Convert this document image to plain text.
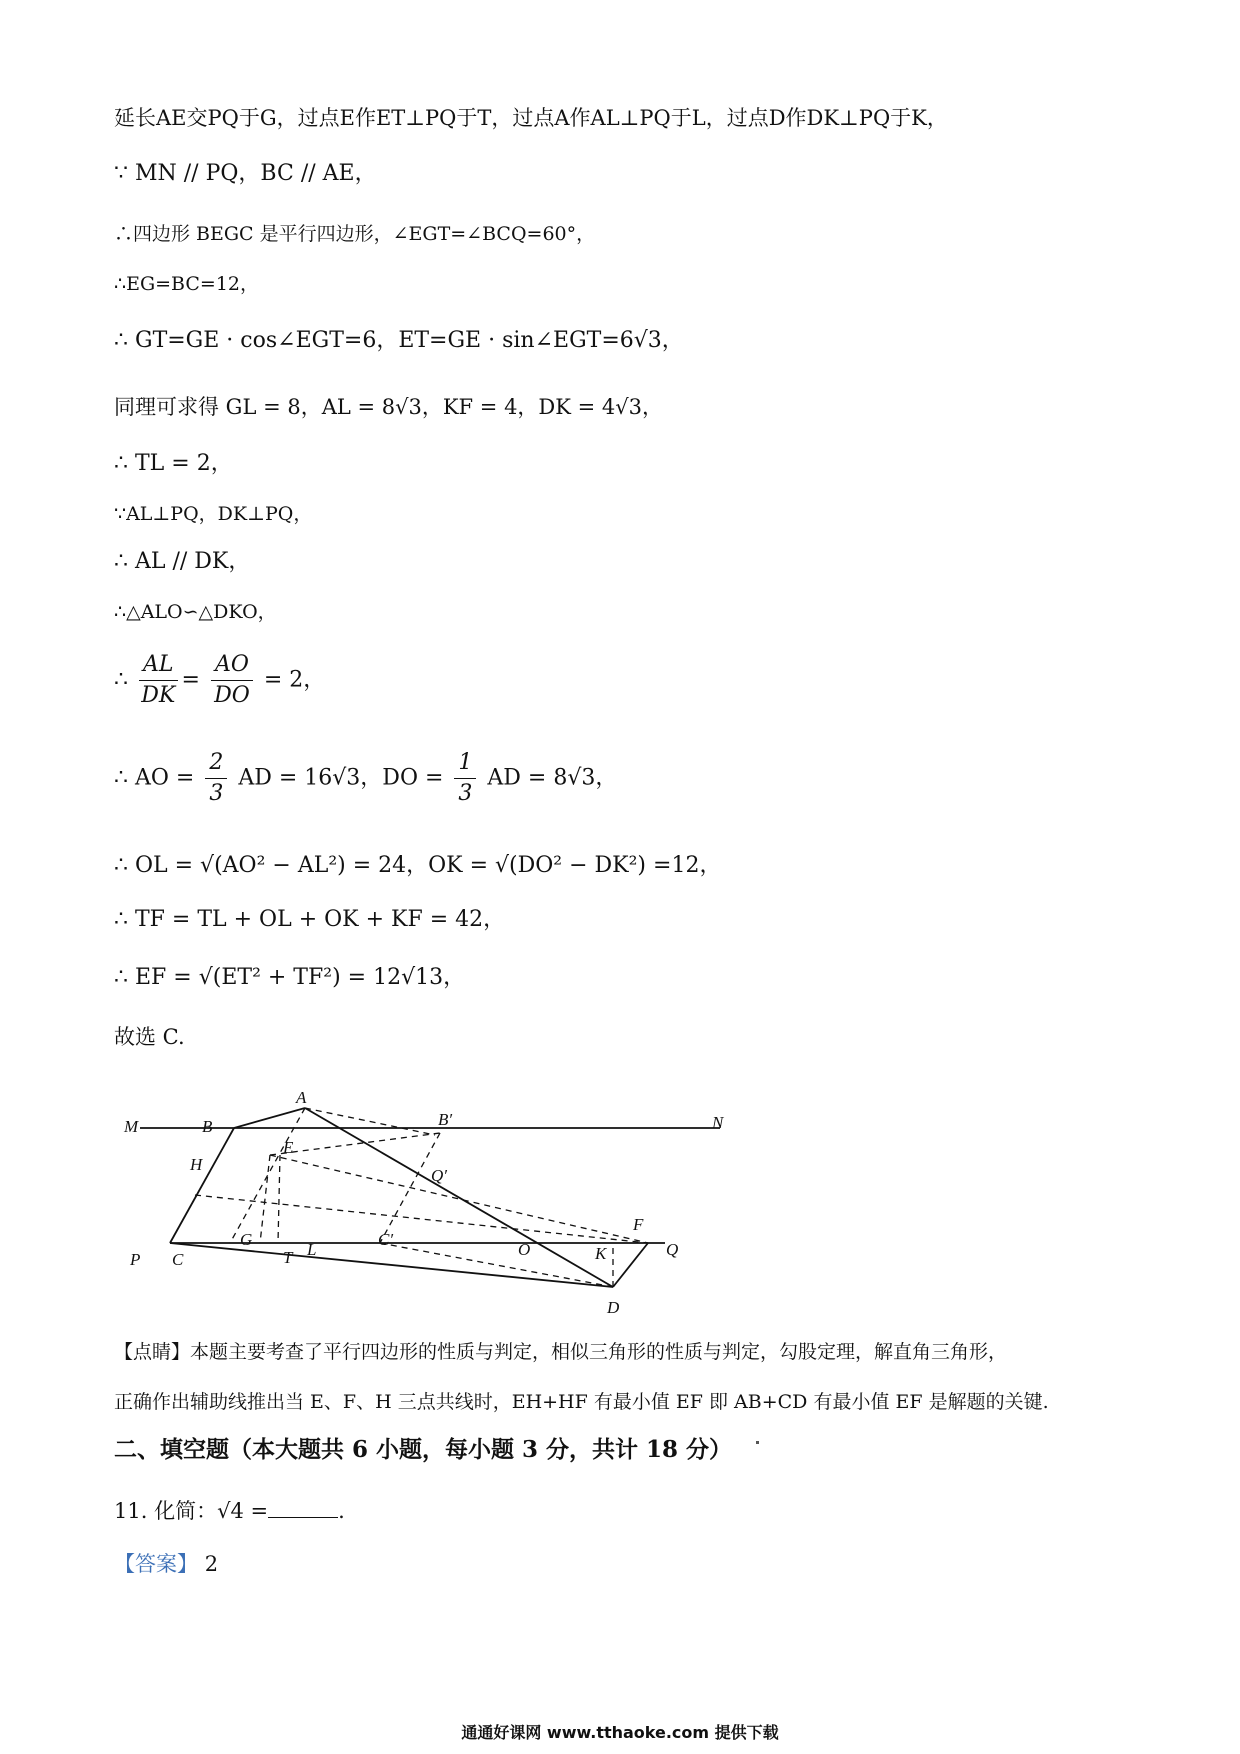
延长AE交PQ于G，过点E作ET⊥PQ于T，过点A作AL⊥PQ于L，过点D作DK⊥PQ于K，
∵ MN // PQ，BC // AE，
∴四边形 BEGC 是平行四边形，∠EGT=∠BCQ=60°，
∴EG=BC=12，
∴ GT=GE · cos∠EGT=6，ET=GE · sin∠EGT=6√3，
同理可求得 GL = 8，AL = 8√3，KF = 4，DK = 4√3，
∴ TL = 2，
∵AL⊥PQ，DK⊥PQ，
∴ AL // DK，
∴△ALO∽△DKO，
∴ $\frac{AL}{DK} = \frac{AO}{DO} = 2$，
∴ AO = $\frac{2}{3}$ AD = 16√3，DO = $\frac{1}{3}$ AD = 8√3，
∴ OL = √(AO² − AL²) = 24，OK = √(DO² − DK²) =12，
∴ TF = TL + OL + OK + KF = 42，
∴ EF = √(ET² + TF²) = 12√13，
故选 C.
M	B
A
B′	N
H
E
Q′
F
P C
G
T L
C′
O	K	Q
D
【点睛】本题主要考查了平行四边形的性质与判定，相似三角形的性质与判定，勾股定理，解直角三角形，
正确作出辅助线推出当 E、F、H 三点共线时，EH+HF 有最小值 EF 即 AB+CD 有最小值 EF 是解题的关键.
二、填空题（本大题共 6 小题，每小题 3 分，共计 18 分）
11. 化简：√4 =	.
【答案】 2
通通好课网 www.tthaoke.com 提供下载
